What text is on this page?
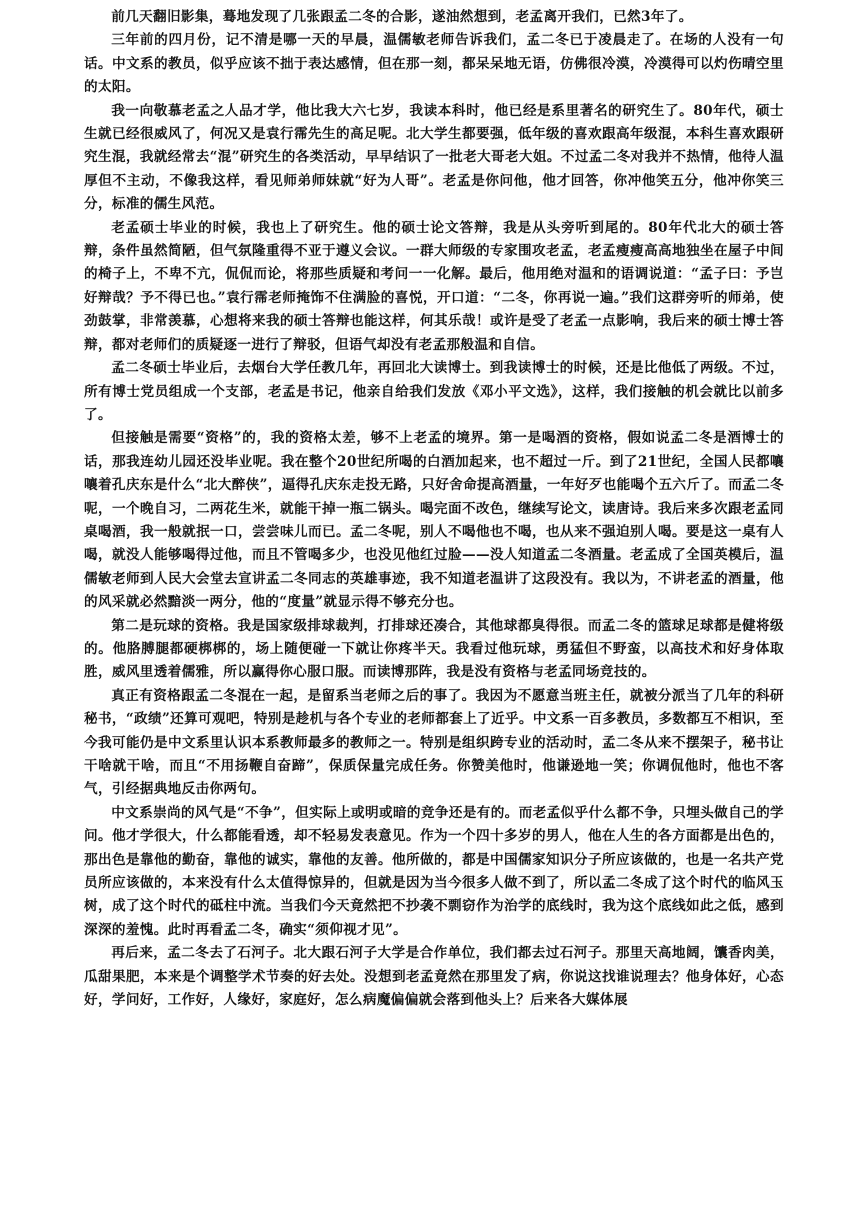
前几天翻旧影集，蓦地发现了几张跟孟二冬的合影，遂油然想到，老孟离开我们，已然3年了。

三年前的四月份，记不清是哪一天的早晨，温儒敏老师告诉我们，孟二冬已于凌晨走了。在场的人没有一句话。中文系的教员，似乎应该不拙于表达感情，但在那一刻，都呆呆地无语，仿佛很冷漠，冷漠得可以灼伤晴空里的太阳。

我一向敬慕老孟之人品才学，他比我大六七岁，我读本科时，他已经是系里著名的研究生了。80年代，硕士生就已经很威风了，何况又是袁行霈先生的高足呢。北大学生都要强，低年级的喜欢跟高年级混，本科生喜欢跟研究生混，我就经常去“混”研究生的各类活动，早早结识了一批老大哥老大姐。不过孟二冬对我并不热情，他待人温厚但不主动，不像我这样，看见师弟师妹就“好为人哥”。老孟是你问他，他才回答，你冲他笑五分，他冲你笑三分，标准的儒生风范。

老孟硕士毕业的时候，我也上了研究生。他的硕士论文答辩，我是从头旁听到尾的。80年代北大的硕士答辩，条件虽然简陋，但气氛隆重得不亚于遵义会议。一群大师级的专家围攻老孟，老孟瘦瘦高高地独坐在屋子中间的椅子上，不卑不亢，侃侃而论，将那些质疑和考问一一化解。最后，他用绝对温和的语调说道：“孟子曰：予岂好辩哉？予不得已也。”袁行霈老师掩饰不住满脸的喜悦，开口道：“二冬，你再说一遍。”我们这群旁听的师弟，使劲鼓掌，非常羡慕，心想将来我的硕士答辩也能这样，何其乐哉！或许是受了老孟一点影响，我后来的硕士博士答辩，都对老师们的质疑逐一进行了辩驳，但语气却没有老孟那般温和自信。

孟二冬硕士毕业后，去烟台大学任教几年，再回北大读博士。到我读博士的时候，还是比他低了两级。不过，所有博士党员组成一个支部，老孟是书记，他亲自给我们发放《邓小平文选》，这样，我们接触的机会就比以前多了。

但接触是需要“资格”的，我的资格太差，够不上老孟的境界。第一是喝酒的资格，假如说孟二冬是酒博士的话，那我连幼儿园还没毕业呢。我在整个20世纪所喝的白酒加起来，也不超过一斤。到了21世纪，全国人民都嚷嚷着孔庆东是什么“北大醉侠”，逼得孔庆东走投无路，只好舍命提高酒量，一年好歹也能喝个五六斤了。而孟二冬呢，一个晚自习，二两花生米，就能干掉一瓶二锅头。喝完面不改色，继续写论文，读唐诗。我后来多次跟老孟同桌喝酒，我一般就抿一口，尝尝味儿而已。孟二冬呢，别人不喝他也不喝，也从来不强迫别人喝。要是这一桌有人喝，就没人能够喝得过他，而且不管喝多少，也没见他红过脸——没人知道孟二冬酒量。老孟成了全国英模后，温儒敏老师到人民大会堂去宣讲孟二冬同志的英雄事迹，我不知道老温讲了这段没有。我以为，不讲老孟的酒量，他的风采就必然黯淡一两分，他的“度量”就显示得不够充分也。

第二是玩球的资格。我是国家级排球裁判，打排球还凑合，其他球都臭得很。而孟二冬的篮球足球都是健将级的。他胳膊腿都硬梆梆的，场上随便碰一下就让你疼半天。我看过他玩球，勇猛但不野蛮，以高技术和好身体取胜，威风里透着儒雅，所以赢得你心服口服。而读博那阵，我是没有资格与老孟同场竞技的。

真正有资格跟孟二冬混在一起，是留系当老师之后的事了。我因为不愿意当班主任，就被分派当了几年的科研秘书，“政绩”还算可观吧，特别是趁机与各个专业的老师都套上了近乎。中文系一百多教员，多数都互不相识，至今我可能仍是中文系里认识本系教师最多的教师之一。特别是组织跨专业的活动时，孟二冬从来不摆架子，秘书让干啥就干啥，而且“不用扬鞭自奋蹄”，保质保量完成任务。你赞美他时，他谦逊地一笑；你调侃他时，他也不客气，引经据典地反击你两句。

中文系崇尚的风气是“不争”，但实际上或明或暗的竞争还是有的。而老孟似乎什么都不争，只埋头做自己的学问。他才学很大，什么都能看透，却不轻易发表意见。作为一个四十多岁的男人，他在人生的各方面都是出色的，那出色是靠他的勤奋，靠他的诚实，靠他的友善。他所做的，都是中国儒家知识分子所应该做的，也是一名共产党员所应该做的，本来没有什么太值得惊异的，但就是因为当今很多人做不到了，所以孟二冬成了这个时代的临风玉树，成了这个时代的砥柱中流。当我们今天竟然把不抄袭不剽窃作为治学的底线时，我为这个底线如此之低，感到深深的羞愧。此时再看孟二冬，确实“须仰视才见”。

再后来，孟二冬去了石河子。北大跟石河子大学是合作单位，我们都去过石河子。那里天高地阔，馕香肉美，瓜甜果肥，本来是个调整学术节奏的好去处。没想到老孟竟然在那里发了病，你说这找谁说理去？他身体好，心态好，学问好，工作好，人缘好，家庭好，怎么病魔偏偏就会落到他头上？后来各大媒体展
